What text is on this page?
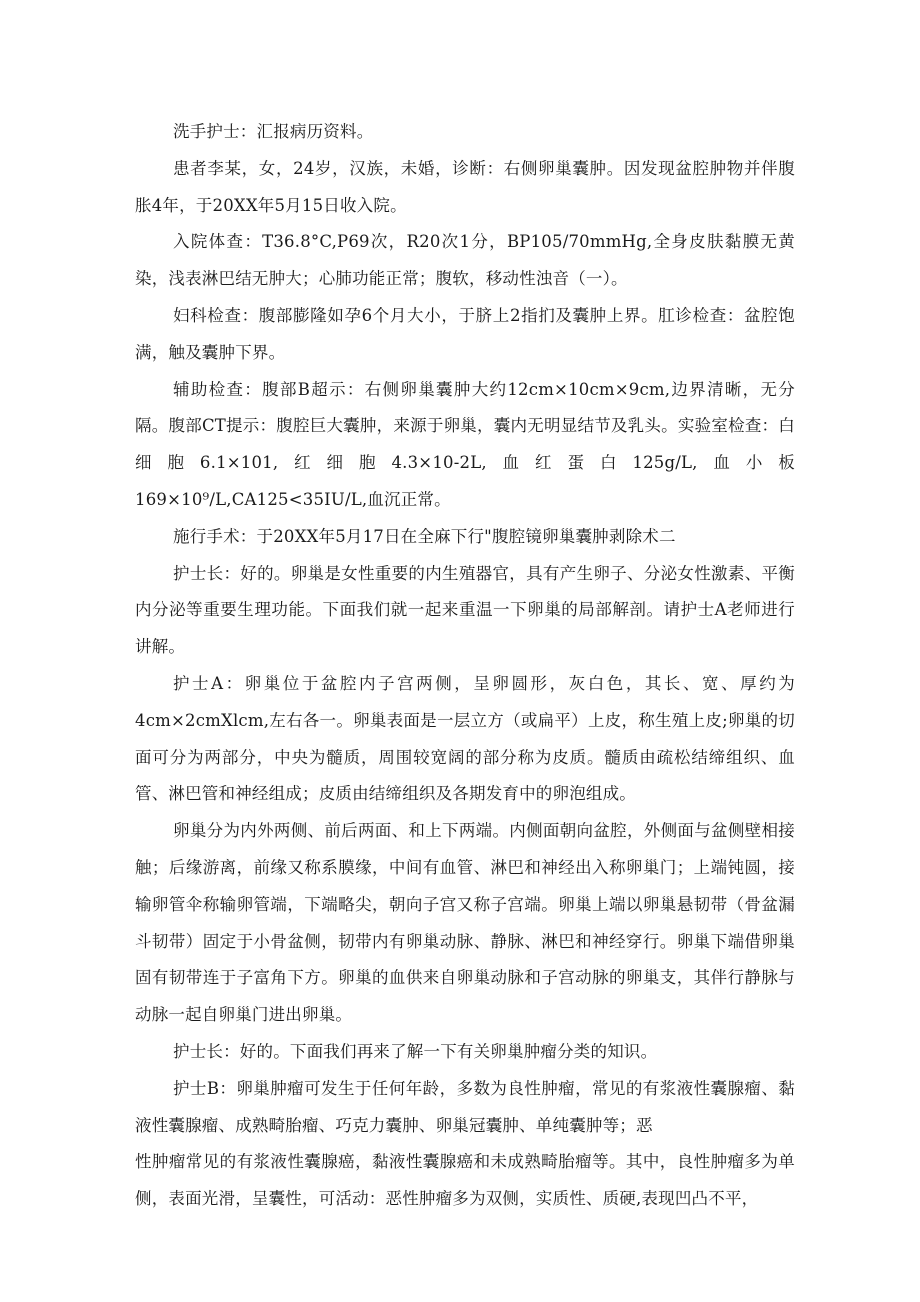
洗手护士：汇报病历资料。

患者李某，女，24岁，汉族，未婚，诊断：右侧卵巢囊肿。因发现盆腔肿物并伴腹胀4年，于20XX年5月15日收入院。

入院体查：T36.8°C,P69次，R20次1分，BP105/70mmHg,全身皮肤黏膜无黄染，浅表淋巴结无肿大；心肺功能正常；腹软，移动性浊音（一）。

妇科检查：腹部膨隆如孕6个月大小，于脐上2指扪及囊肿上界。肛诊检查：盆腔饱满，触及囊肿下界。

辅助检查：腹部B超示：右侧卵巢囊肿大约12cm×10cm×9cm,边界清晰，无分隔。腹部CT提示：腹腔巨大囊肿，来源于卵巢，囊内无明显结节及乳头。实验室检查：白细胞6.1×101,红细胞4.3×10-2L,血红蛋白125g/L,血小板169×10⁹/L,CA125<35IU/L,血沉正常。

施行手术：于20XX年5月17日在全麻下行"腹腔镜卵巢囊肿剥除术二

护士长：好的。卵巢是女性重要的内生殖器官，具有产生卵子、分泌女性激素、平衡内分泌等重要生理功能。下面我们就一起来重温一下卵巢的局部解剖。请护士A老师进行讲解。

护士A：卵巢位于盆腔内子宫两侧，呈卵圆形，灰白色，其长、宽、厚约为4cm×2cmXlcm,左右各一。卵巢表面是一层立方（或扁平）上皮，称生殖上皮;卵巢的切面可分为两部分，中央为髓质，周围较宽阔的部分称为皮质。髓质由疏松结缔组织、血管、淋巴管和神经组成；皮质由结缔组织及各期发育中的卵泡组成。

卵巢分为内外两侧、前后两面、和上下两端。内侧面朝向盆腔，外侧面与盆侧壁相接触；后缘游离，前缘又称系膜缘，中间有血管、淋巴和神经出入称卵巢门；上端钝圆，接输卵管伞称输卵管端，下端略尖，朝向子宫又称子宫端。卵巢上端以卵巢悬韧带（骨盆漏斗韧带）固定于小骨盆侧，韧带内有卵巢动脉、静脉、淋巴和神经穿行。卵巢下端借卵巢固有韧带连于子富角下方。卵巢的血供来自卵巢动脉和子宫动脉的卵巢支，其伴行静脉与动脉一起自卵巢门进出卵巢。

护士长：好的。下面我们再来了解一下有关卵巢肿瘤分类的知识。

护士B：卵巢肿瘤可发生于任何年龄，多数为良性肿瘤，常见的有浆液性囊腺瘤、黏液性囊腺瘤、成熟畸胎瘤、巧克力囊肿、卵巢冠囊肿、单纯囊肿等；恶

性肿瘤常见的有浆液性囊腺癌，黏液性囊腺癌和未成熟畸胎瘤等。其中，良性肿瘤多为单侧，表面光滑，呈囊性，可活动：恶性肿瘤多为双侧，实质性、质硬,表现凹凸不平，
